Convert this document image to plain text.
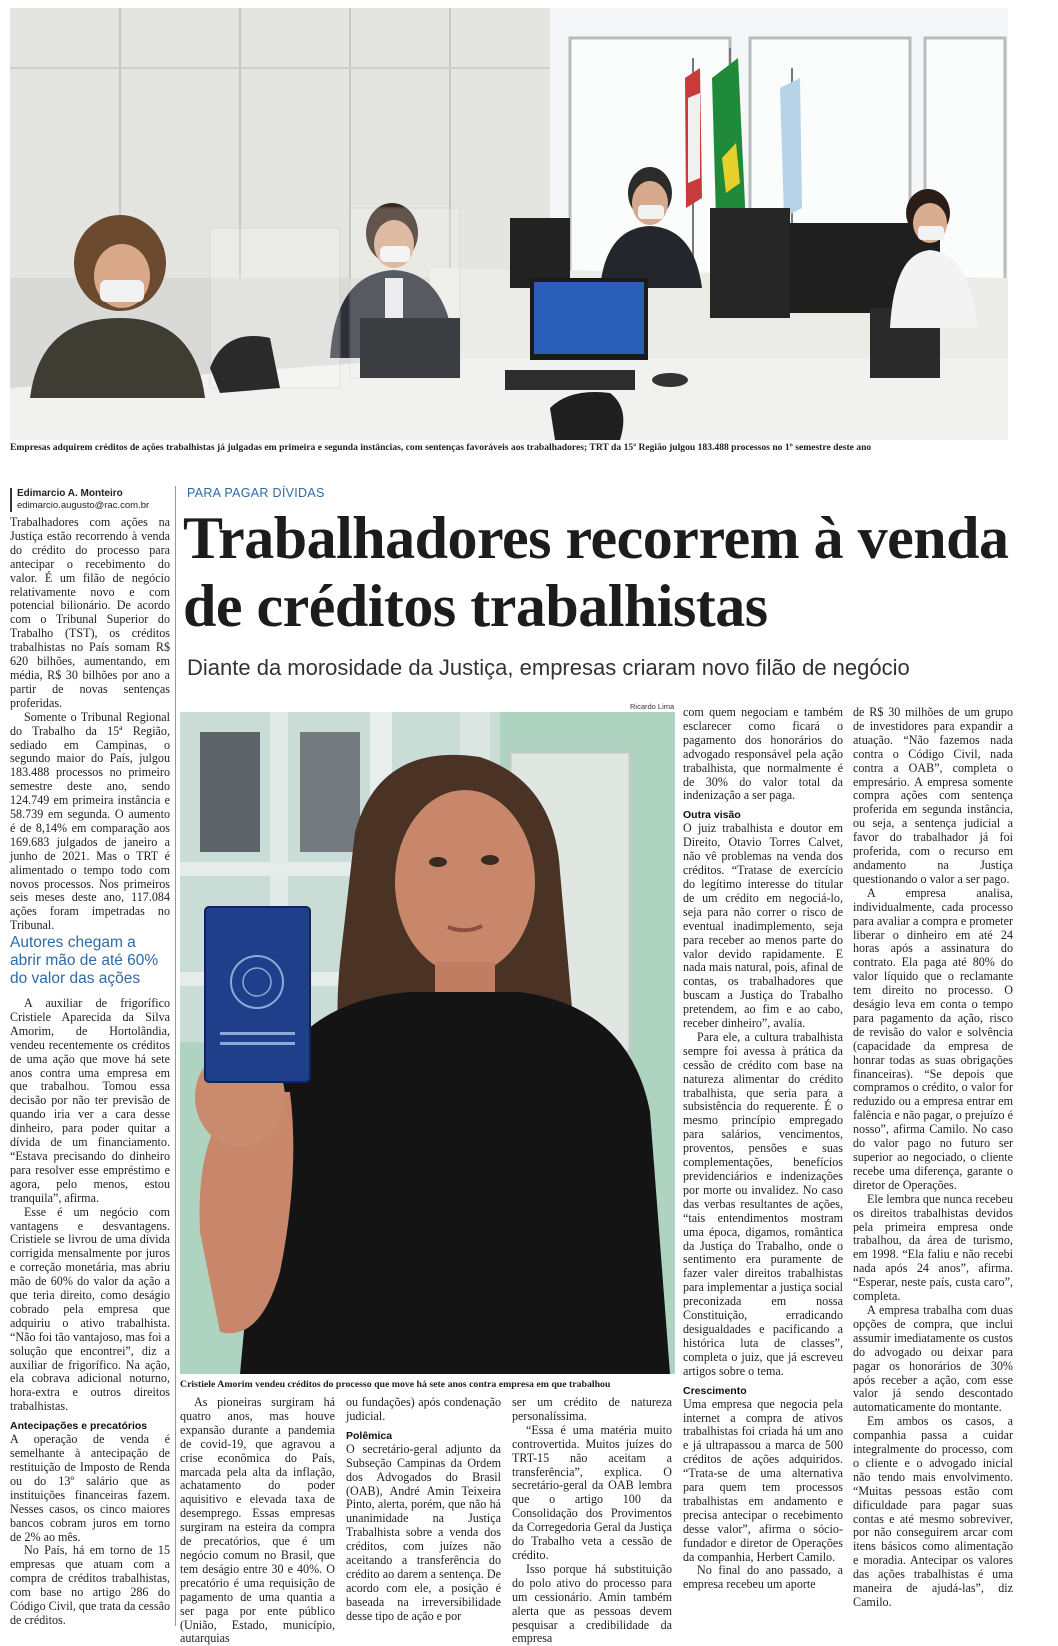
Empresas adquirem créditos de ações trabalhistas já julgadas em primeira e segunda instâncias, com sentenças favoráveis aos trabalhadores; TRT da 15ª Região julgou 183.488 processos no 1º semestre deste ano
Edimarcio A. Monteiro
edimarcio.augusto@rac.com.br
PARA PAGAR DÍVIDAS
Trabalhadores recorrem à venda de créditos trabalhistas
Diante da morosidade da Justiça, empresas criaram novo filão de negócio

Trabalhadores com ações na Justiça estão recorrendo à venda do crédito do processo para antecipar o recebimento do valor. É um filão de negócio relativamente novo e com potencial bilionário. De acordo com o Tribunal Superior do Trabalho (TST), os créditos trabalhistas no País somam R$ 620 bilhões, aumentando, em média, R$ 30 bilhões por ano a partir de novas sentenças proferidas.

Somente o Tribunal Regional do Trabalho da 15ª Região, sediado em Campinas, o segundo maior do País, julgou 183.488 processos no primeiro semestre deste ano, sendo 124.749 em primeira instância e 58.739 em segunda. O aumento é de 8,14% em comparação aos 169.683 julgados de janeiro a junho de 2021. Mas o TRT é alimentado o tempo todo com novos processos. Nos primeiros seis meses deste ano, 117.084 ações foram impetradas no Tribunal.

Autores chegam a abrir mão de até 60% do valor das ações

A auxiliar de frigorífico Cristiele Aparecida da Silva Amorim, de Hortolândia, vendeu recentemente os créditos de uma ação que move há sete anos contra uma empresa em que trabalhou. Tomou essa decisão por não ter previsão de quando iria ver a cara desse dinheiro, para poder quitar a dívida de um financiamento. “Estava precisando do dinheiro para resolver esse empréstimo e agora, pelo menos, estou tranquila”, afirma.

Esse é um negócio com vantagens e desvantagens. Cristiele se livrou de uma dívida corrigida mensalmente por juros e correção monetária, mas abriu mão de 60% do valor da ação a que teria direito, como deságio cobrado pela empresa que adquiriu o ativo trabalhista. “Não foi tão vantajoso, mas foi a solução que encontrei”, diz a auxiliar de frigorífico. Na ação, ela cobrava adicional noturno, hora-extra e outros direitos trabalhistas.

Antecipações e precatórios

A operação de venda é semelhante à antecipação de restituição de Imposto de Renda ou do 13º salário que as instituições financeiras fazem. Nesses casos, os cinco maiores bancos cobram juros em torno de 2% ao mês.

No País, há em torno de 15 empresas que atuam com a compra de créditos trabalhistas, com base no artigo 286 do Código Civil, que trata da cessão de créditos.

Ricardo Lima
Cristiele Amorim vendeu créditos do processo que move há sete anos contra empresa em que trabalhou

As pioneiras surgiram há quatro anos, mas houve expansão durante a pandemia de covid-19, que agravou a crise econômica do País, marcada pela alta da inflação, achatamento do poder aquisitivo e elevada taxa de desemprego. Essas empresas surgiram na esteira da compra de precatórios, que é um negócio comum no Brasil, que tem deságio entre 30 e 40%. O precatório é uma requisição de pagamento de uma quantia a ser paga por ente público (União, Estado, município, autarquias

ou fundações) após condenação judicial.

Polêmica

O secretário-geral adjunto da Subseção Campinas da Ordem dos Advogados do Brasil (OAB), André Amin Teixeira Pinto, alerta, porém, que não há unanimidade na Justiça Trabalhista sobre a venda dos créditos, com juízes não aceitando a transferência do crédito ao darem a sentença. De acordo com ele, a posição é baseada na irreversibilidade desse tipo de ação e por

ser um crédito de natureza personalíssima.

“Essa é uma matéria muito controvertida. Muitos juízes do TRT-15 não aceitam a transferência”, explica. O secretário-geral da OAB lembra que o artigo 100 da Consolidação dos Provimentos da Corregedoria Geral da Justiça do Trabalho veta a cessão de crédito.

Isso porque há substituição do polo ativo do processo para um cessionário. Amin também alerta que as pessoas devem pesquisar a credibilidade da empresa

com quem negociam e também esclarecer como ficará o pagamento dos honorários do advogado responsável pela ação trabalhista, que normalmente é de 30% do valor total da indenização a ser paga.

Outra visão

O juiz trabalhista e doutor em Direito, Otavio Torres Calvet, não vê problemas na venda dos créditos. “Tratase de exercício do legítimo interesse do titular de um crédito em negociá-lo, seja para não correr o risco de eventual inadimplemento, seja para receber ao menos parte do valor devido rapidamente. E nada mais natural, pois, afinal de contas, os trabalhadores que buscam a Justiça do Trabalho pretendem, ao fim e ao cabo, receber dinheiro”, avalia.

Para ele, a cultura trabalhista sempre foi avessa à prática da cessão de crédito com base na natureza alimentar do crédito trabalhista, que seria para a subsistência do requerente. É o mesmo princípio empregado para salários, vencimentos, proventos, pensões e suas complementações, benefícios previdenciários e indenizações por morte ou invalidez. No caso das verbas resultantes de ações, “tais entendimentos mostram uma época, digamos, romântica da Justiça do Trabalho, onde o sentimento era puramente de fazer valer direitos trabalhistas para implementar a justiça social preconizada em nossa Constituição, erradicando desigualdades e pacificando a histórica luta de classes”, completa o juiz, que já escreveu artigos sobre o tema.

Crescimento

Uma empresa que negocia pela internet a compra de ativos trabalhistas foi criada há um ano e já ultrapassou a marca de 500 créditos de ações adquiridos. “Trata-se de uma alternativa para quem tem processos trabalhistas em andamento e precisa antecipar o recebimento desse valor”, afirma o sócio-fundador e diretor de Operações da companhia, Herbert Camilo.

No final do ano passado, a empresa recebeu um aporte

de R$ 30 milhões de um grupo de investidores para expandir a atuação. “Não fazemos nada contra o Código Civil, nada contra a OAB”, completa o empresário. A empresa somente compra ações com sentença proferida em segunda instância, ou seja, a sentença judicial a favor do trabalhador já foi proferida, com o recurso em andamento na Justiça questionando o valor a ser pago.

A empresa analisa, individualmente, cada processo para avaliar a compra e prometer liberar o dinheiro em até 24 horas após a assinatura do contrato. Ela paga até 80% do valor líquido que o reclamante tem direito no processo. O deságio leva em conta o tempo para pagamento da ação, risco de revisão do valor e solvência (capacidade da empresa de honrar todas as suas obrigações financeiras). “Se depois que compramos o crédito, o valor for reduzido ou a empresa entrar em falência e não pagar, o prejuízo é nosso”, afirma Camilo. No caso do valor pago no futuro ser superior ao negociado, o cliente recebe uma diferença, garante o diretor de Operações.

Ele lembra que nunca recebeu os direitos trabalhistas devidos pela primeira empresa onde trabalhou, da área de turismo, em 1998. “Ela faliu e não recebi nada após 24 anos”, afirma. “Esperar, neste país, custa caro”, completa.

A empresa trabalha com duas opções de compra, que inclui assumir imediatamente os custos do advogado ou deixar para pagar os honorários de 30% após receber a ação, com esse valor já sendo descontado automaticamente do montante.

Em ambos os casos, a companhia passa a cuidar integralmente do processo, com o cliente e o advogado inicial não tendo mais envolvimento. “Muitas pessoas estão com dificuldade para pagar suas contas e até mesmo sobreviver, por não conseguirem arcar com itens básicos como alimentação e moradia. Antecipar os valores das ações trabalhistas é uma maneira de ajudá-las”, diz Camilo.
